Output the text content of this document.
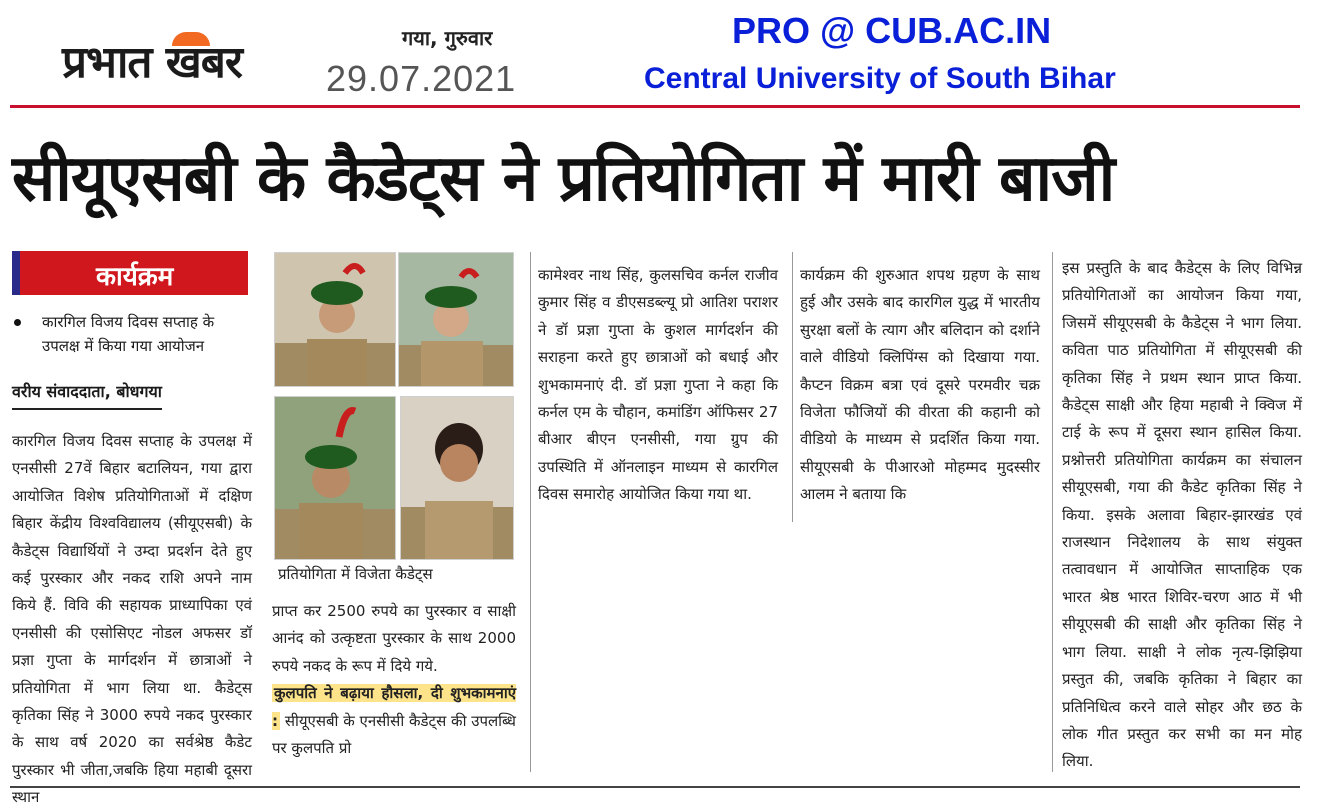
प्रभात खबर	गया, गुरुवार
29.07.2021
PRO @ CUB.AC.IN
Central University of South Bihar
सीयूएसबी के कैडेट्स ने प्रतियोगिता में मारी बाजी
कार्यक्रम
कारगिल विजय दिवस सप्ताह के उपलक्ष में किया गया आयोजन
वरीय संवाददाता, बोधगया
कारगिल विजय दिवस सप्ताह के उपलक्ष में एनसीसी 27वें बिहार बटालियन, गया द्वारा आयोजित विशेष प्रतियोगिताओं में दक्षिण बिहार केंद्रीय विश्वविद्यालय (सीयूएसबी) के कैडेट्स विद्यार्थियों ने उम्दा प्रदर्शन देते हुए कई पुरस्कार और नकद राशि अपने नाम किये हैं. विवि की सहायक प्राध्यापिका एवं एनसीसी की एसोसिएट नोडल अफसर डॉ प्रज्ञा गुप्ता के मार्गदर्शन में छात्राओं ने प्रतियोगिता में भाग लिया था. कैडेट्स कृतिका सिंह ने 3000 रुपये नकद पुरस्कार के साथ वर्ष 2020 का सर्वश्रेष्ठ कैडेट पुरस्कार भी जीता,जबकि हिया महाबी दूसरा स्थान
प्रतियोगिता में विजेता कैडेट्स
प्राप्त कर 2500 रुपये का पुरस्कार व साक्षी आनंद को उत्कृष्टता पुरस्कार के साथ 2000 रुपये नकद के रूप में दिये गये.
कुलपति ने बढ़ाया हौसला, दी शुभकामनाएं : सीयूएसबी के एनसीसी कैडेट्स की उपलब्धि पर कुलपति प्रो
कामेश्वर नाथ सिंह, कुलसचिव कर्नल राजीव कुमार सिंह व डीएसडब्ल्यू प्रो आतिश पराशर ने डॉ प्रज्ञा गुप्ता के कुशल मार्गदर्शन की सराहना करते हुए छात्राओं को बधाई और शुभकामनाएं दी. डॉ प्रज्ञा गुप्ता ने कहा कि कर्नल एम के चौहान, कमांडिंग ऑफिसर 27 बीआर बीएन एनसीसी, गया ग्रुप की उपस्थिति में ऑनलाइन माध्यम से कारगिल दिवस समारोह आयोजित किया गया था.
कार्यक्रम की शुरुआत शपथ ग्रहण के साथ हुई और उसके बाद कारगिल युद्ध में भारतीय सुरक्षा बलों के त्याग और बलिदान को दर्शाने वाले वीडियो क्लिपिंग्स को दिखाया गया. कैप्टन विक्रम बत्रा एवं दूसरे परमवीर चक्र विजेता फौजियों की वीरता की कहानी को वीडियो के माध्यम से प्रदर्शित किया गया. सीयूएसबी के पीआरओ मोहम्मद मुदस्सीर आलम ने बताया कि
इस प्रस्तुति के बाद कैडेट्स के लिए विभिन्न प्रतियोगिताओं का आयोजन किया गया, जिसमें सीयूएसबी के कैडेट्स ने भाग लिया. कविता पाठ प्रतियोगिता में सीयूएसबी की कृतिका सिंह ने प्रथम स्थान प्राप्त किया. कैडेट्स साक्षी और हिया महाबी ने क्विज में टाई के रूप में दूसरा स्थान हासिल किया. प्रश्नोत्तरी प्रतियोगिता कार्यक्रम का संचालन सीयूएसबी, गया की कैडेट कृतिका सिंह ने किया. इसके अलावा बिहार-झारखंड एवं राजस्थान निदेशालय के साथ संयुक्त तत्वावधान में आयोजित साप्ताहिक एक भारत श्रेष्ठ भारत शिविर-चरण आठ में भी सीयूएसबी की साक्षी और कृतिका सिंह ने भाग लिया. साक्षी ने लोक नृत्य-झिझिया प्रस्तुत की, जबकि कृतिका ने बिहार का प्रतिनिधित्व करने वाले सोहर और छठ के लोक गीत प्रस्तुत कर सभी का मन मोह लिया.
